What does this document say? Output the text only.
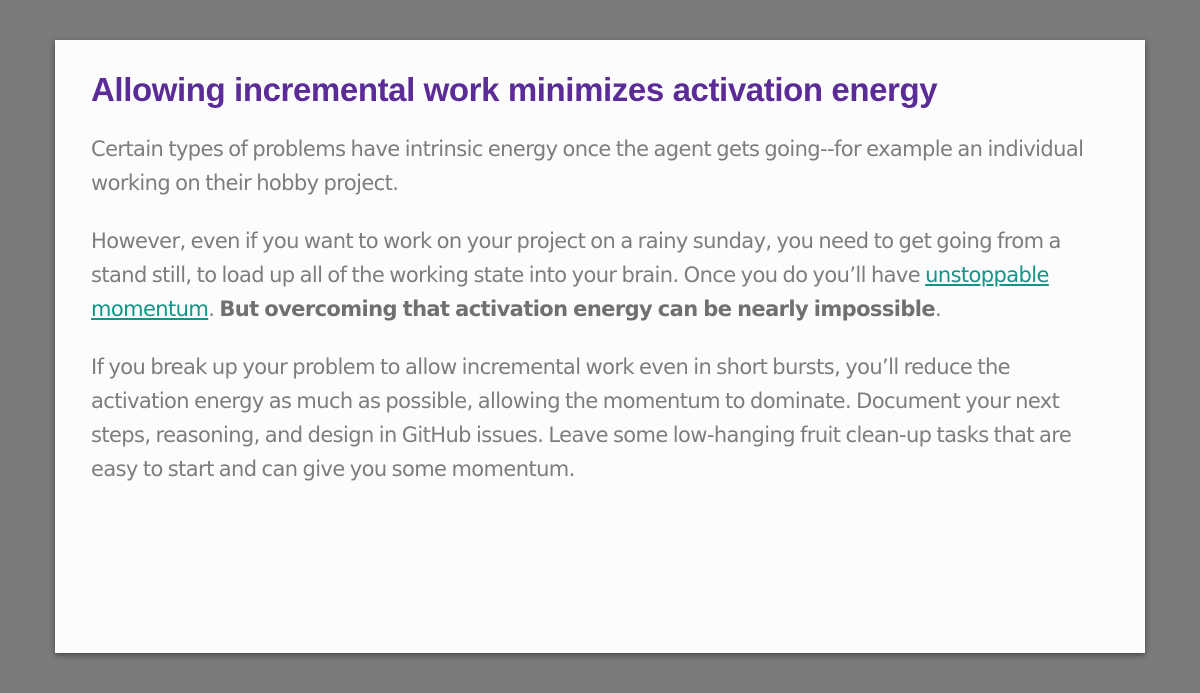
Allowing incremental work minimizes activation energy

Certain types of problems have intrinsic energy once the agent gets going--for example an individual working on their hobby project.

However, even if you want to work on your project on a rainy sunday, you need to get going from a stand still, to load up all of the working state into your brain. Once you do you’ll have unstoppable momentum. But overcoming that activation energy can be nearly impossible.

If you break up your problem to allow incremental work even in short bursts, you’ll reduce the activation energy as much as possible, allowing the momentum to dominate. Document your next steps, reasoning, and design in GitHub issues. Leave some low-hanging fruit clean-up tasks that are easy to start and can give you some momentum.
